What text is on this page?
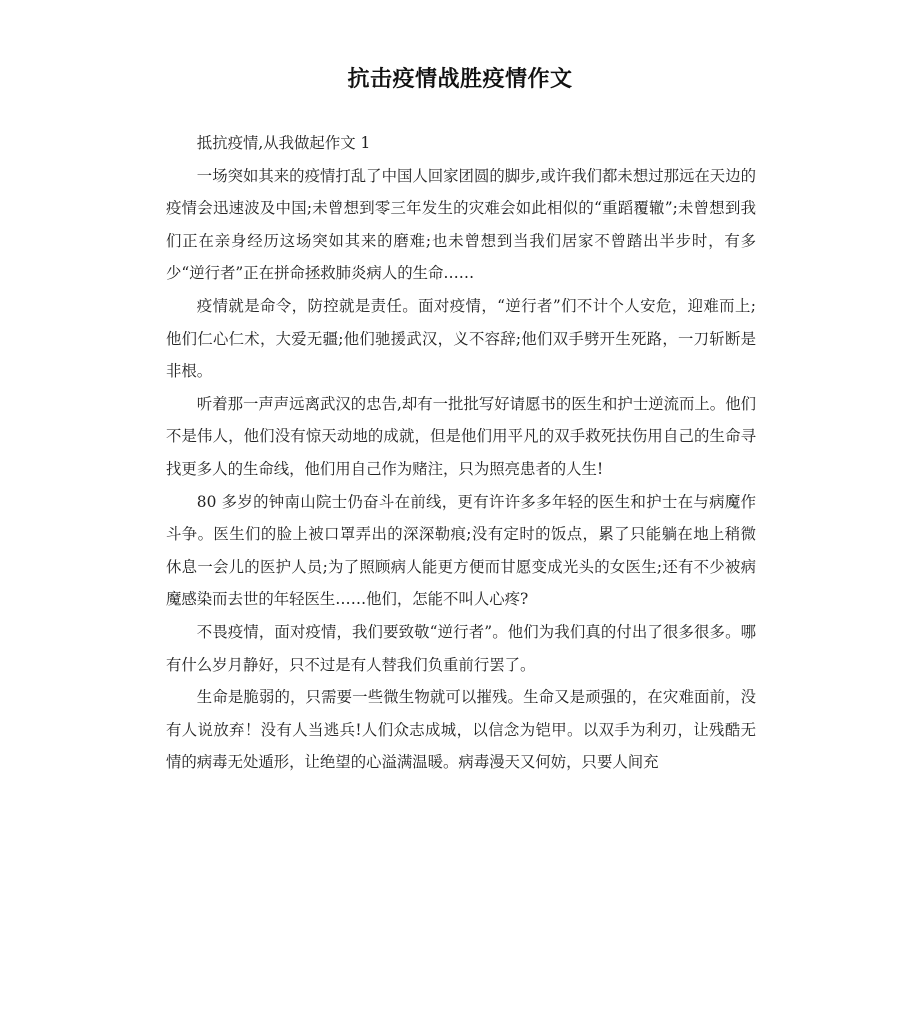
抗击疫情战胜疫情作文

抵抗疫情,从我做起作文 1

一场突如其来的疫情打乱了中国人回家团圆的脚步,或许我们都未想过那远在天边的疫情会迅速波及中国;未曾想到零三年发生的灾难会如此相似的“重蹈覆辙”;未曾想到我们正在亲身经历这场突如其来的磨难;也未曾想到当我们居家不曾踏出半步时，有多少“逆行者”正在拼命拯救肺炎病人的生命……

疫情就是命令，防控就是责任。面对疫情，“逆行者”们不计个人安危，迎难而上;他们仁心仁术，大爱无疆;他们驰援武汉，义不容辞;他们双手劈开生死路，一刀斩断是非根。

听着那一声声远离武汉的忠告,却有一批批写好请愿书的医生和护士逆流而上。他们不是伟人，他们没有惊天动地的成就，但是他们用平凡的双手救死扶伤用自己的生命寻找更多人的生命线，他们用自己作为赌注，只为照亮患者的人生!

80 多岁的钟南山院士仍奋斗在前线，更有许许多多年轻的医生和护士在与病魔作斗争。医生们的脸上被口罩弄出的深深勒痕;没有定时的饭点，累了只能躺在地上稍微休息一会儿的医护人员;为了照顾病人能更方便而甘愿变成光头的女医生;还有不少被病魔感染而去世的年轻医生……他们，怎能不叫人心疼?

不畏疫情，面对疫情，我们要致敬“逆行者”。他们为我们真的付出了很多很多。哪有什么岁月静好，只不过是有人替我们负重前行罢了。

生命是脆弱的，只需要一些微生物就可以摧残。生命又是顽强的，在灾难面前，没有人说放弃！没有人当逃兵!人们众志成城，以信念为铠甲。以双手为利刃，让残酷无情的病毒无处遁形，让绝望的心溢满温暖。病毒漫天又何妨，只要人间充
